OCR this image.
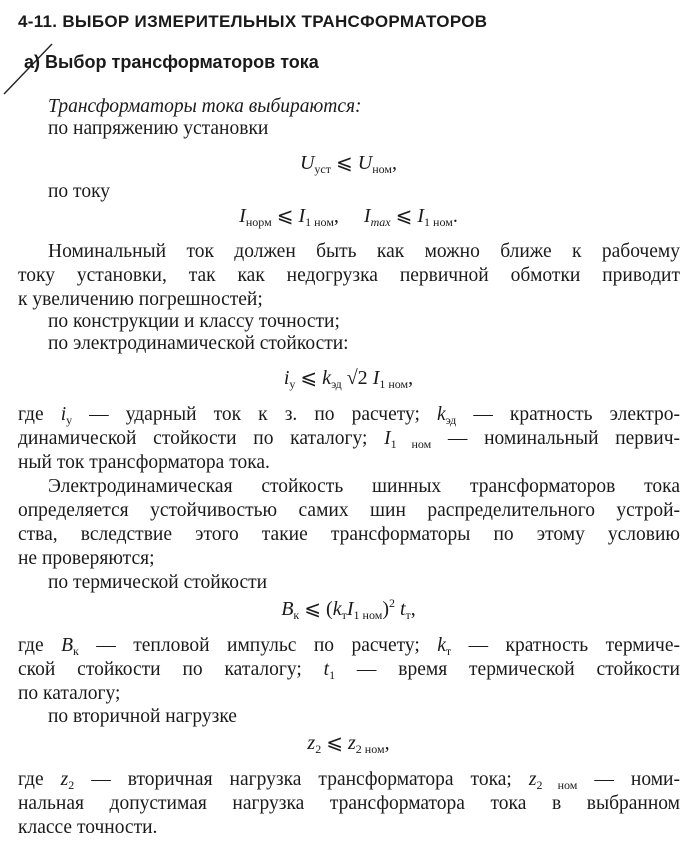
4-11. ВЫБОР ИЗМЕРИТЕЛЬНЫХ ТРАНСФОРМАТОРОВ
а) Выбор трансформаторов тока
Трансформаторы тока выбираются:
по напряжению установки
$U_{уст}$ ⩽ $U_{ном}$,
по току
$I_{норм}$ ⩽ $I_{1 ном}$, $I_{max}$ ⩽ $I_{1 ном}$.
Номинальный ток должен быть как можно ближе к рабочему
току установки, так как недогрузка первичной обмотки приводит
к увеличению погрешностей;
по конструкции и классу точности;
по электродинамической стойкости:
$i_у$ ⩽ $k_{эд}$ √2 $I_{1 ном}$,
где $i_у$ — ударный ток к з. по расчету; $k_{эд}$ — кратность электро-
динамической стойкости по каталогу; $I_{1 ном}$ — номинальный первич-
ный ток трансформатора тока.
Электродинамическая стойкость шинных трансформаторов тока
определяется устойчивостью самих шин распределительного устрой-
ства, вследствие этого такие трансформаторы по этому условию
не проверяются;
по термической стойкости
$B_к$ ⩽ $(k_тI_{1 ном})^2$ $t_т$,
где $B_к$ — тепловой импульс по расчету; $k_т$ — кратность термиче-
ской стойкости по каталогу; $t_1$ — время термической стойкости
по каталогу;
по вторичной нагрузке
$z_2$ ⩽ $z_{2 ном}$,
где $z_2$ — вторичная нагрузка трансформатора тока; $z_{2 ном}$ — номи-
нальная допустимая нагрузка трансформатора тока в выбранном
классе точности.
